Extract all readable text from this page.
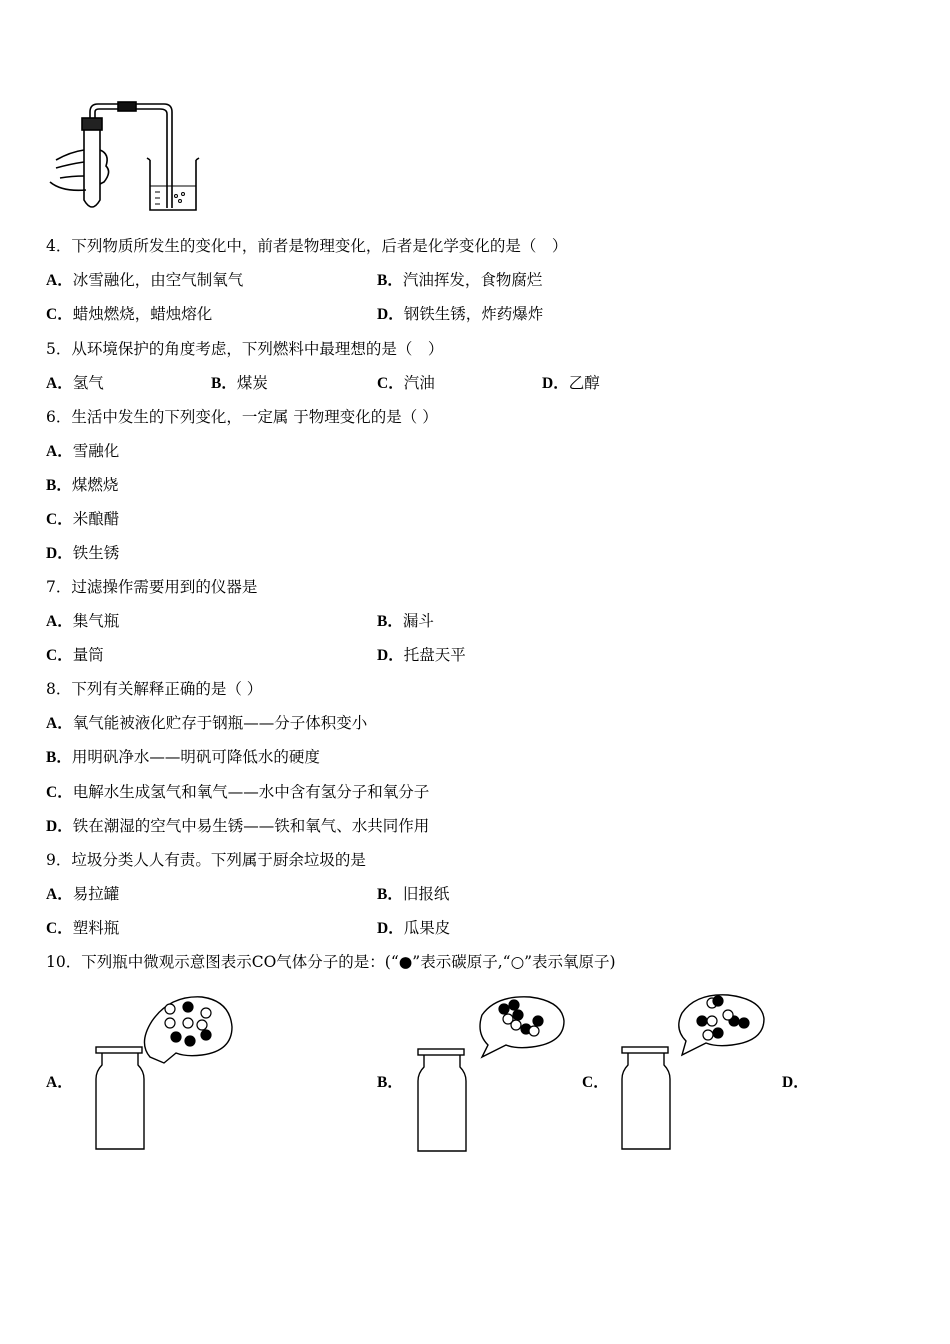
4．下列物质所发生的变化中，前者是物理变化，后者是化学变化的是（　）
A．冰雪融化，由空气制氧气	B．汽油挥发，食物腐烂
C．蜡烛燃烧，蜡烛熔化	D．钢铁生锈，炸药爆炸
5．从环境保护的角度考虑，下列燃料中最理想的是（　）
A．氢气	B．煤炭	C．汽油	D．乙醇
6．生活中发生的下列变化，一定属 于物理变化的是（ ）
A．雪融化
B．煤燃烧
C．米酿醋
D．铁生锈
7．过滤操作需要用到的仪器是
A．集气瓶	B．漏斗
C．量筒	D．托盘天平
8．下列有关解释正确的是（ ）
A．氧气能被液化贮存于钢瓶——分子体积变小
B．用明矾净水——明矾可降低水的硬度
C．电解水生成氢气和氧气——水中含有氢分子和氧分子
D．铁在潮湿的空气中易生锈——铁和氧气、水共同作用
9．垃圾分类人人有责。下列属于厨余垃圾的是
A．易拉罐	B．旧报纸
C．塑料瓶	D．瓜果皮
10．下列瓶中微观示意图表示CO气体分子的是：(“●”表示碳原子,“○”表示氧原子)
A．	B．	C．	D．
